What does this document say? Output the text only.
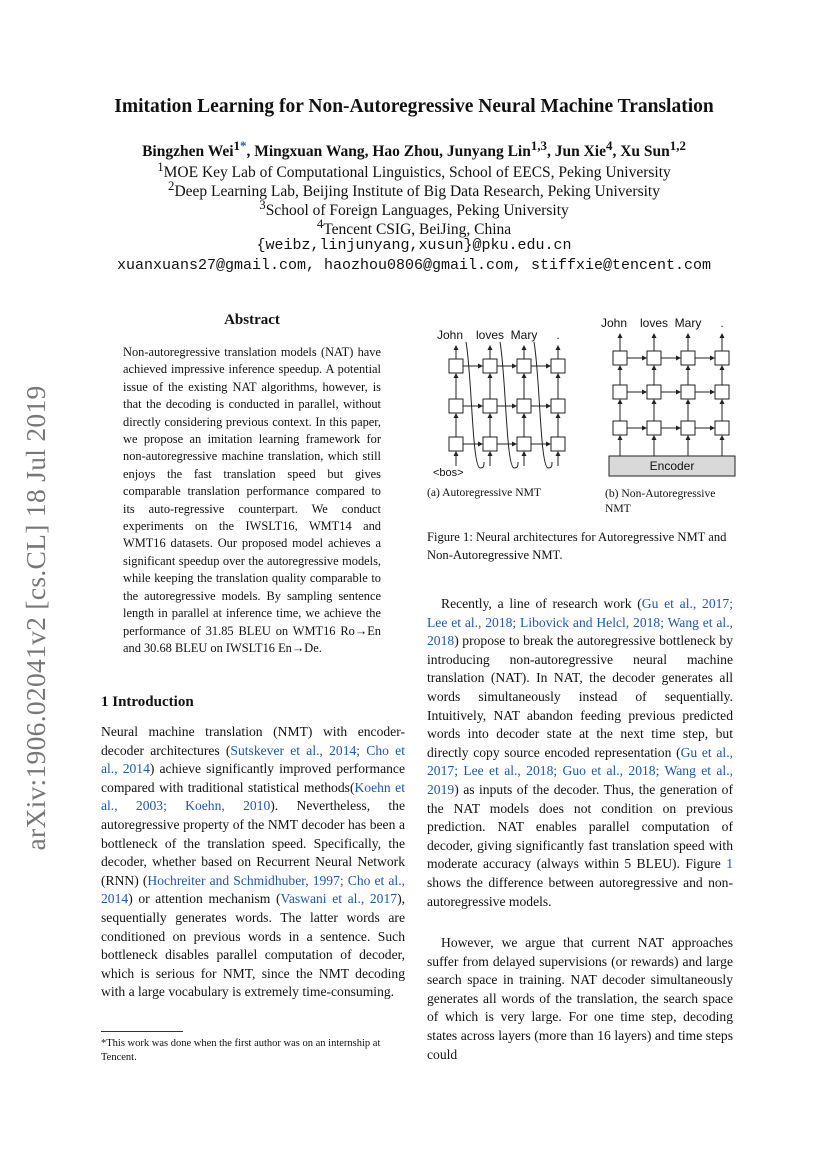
arXiv:1906.02041v2 [cs.CL] 18 Jul 2019
Imitation Learning for Non-Autoregressive Neural Machine Translation
Bingzhen Wei$^{1*}$, Mingxuan Wang, Hao Zhou, Junyang Lin$^{1,3}$, Jun Xie$^4$, Xu Sun$^{1,2}$
$^1$MOE Key Lab of Computational Linguistics, School of EECS, Peking University
$^2$Deep Learning Lab, Beijing Institute of Big Data Research, Peking University
$^3$School of Foreign Languages, Peking University
$^4$Tencent CSIG, BeiJing, China
{weibz,linjunyang,xusun}@pku.edu.cn
xuanxuans27@gmail.com, haozhou0806@gmail.com, stiffxie@tencent.com
Abstract
Non-autoregressive translation models (NAT) have achieved impressive inference speedup. A potential issue of the existing NAT algorithms, however, is that the decoding is conducted in parallel, without directly considering previous context. In this paper, we propose an imitation learning framework for non-autoregressive machine translation, which still enjoys the fast translation speed but gives comparable translation performance compared to its auto-regressive counterpart. We conduct experiments on the IWSLT16, WMT14 and WMT16 datasets. Our proposed model achieves a significant speedup over the autoregressive models, while keeping the translation quality comparable to the autoregressive models. By sampling sentence length in parallel at inference time, we achieve the performance of 31.85 BLEU on WMT16 Ro→En and 30.68 BLEU on IWSLT16 En→De.
1 Introduction
Neural machine translation (NMT) with encoder-decoder architectures (Sutskever et al., 2014; Cho et al., 2014) achieve significantly improved performance compared with traditional statistical methods(Koehn et al., 2003; Koehn, 2010). Nevertheless, the autoregressive property of the NMT decoder has been a bottleneck of the translation speed. Specifically, the decoder, whether based on Recurrent Neural Network (RNN) (Hochreiter and Schmidhuber, 1997; Cho et al., 2014) or attention mechanism (Vaswani et al., 2017), sequentially generates words. The latter words are conditioned on previous words in a sentence. Such bottleneck disables parallel computation of decoder, which is serious for NMT, since the NMT decoding with a large vocabulary is extremely time-consuming.
*This work was done when the first author was on an internship at Tencent.
John loves Mary .
<bos>
John loves Mary .
Encoder
(a) Autoregressive NMT	(b) Non-Autoregressive NMT
Figure 1: Neural architectures for Autoregressive NMT and Non-Autoregressive NMT.
Recently, a line of research work (Gu et al., 2017; Lee et al., 2018; Libovick and Helcl, 2018; Wang et al., 2018) propose to break the autoregressive bottleneck by introducing non-autoregressive neural machine translation (NAT). In NAT, the decoder generates all words simultaneously instead of sequentially. Intuitively, NAT abandon feeding previous predicted words into decoder state at the next time step, but directly copy source encoded representation (Gu et al., 2017; Lee et al., 2018; Guo et al., 2018; Wang et al., 2019) as inputs of the decoder. Thus, the generation of the NAT models does not condition on previous prediction. NAT enables parallel computation of decoder, giving significantly fast translation speed with moderate accuracy (always within 5 BLEU). Figure 1 shows the difference between autoregressive and non-autoregressive models.
However, we argue that current NAT approaches suffer from delayed supervisions (or rewards) and large search space in training. NAT decoder simultaneously generates all words of the translation, the search space of which is very large. For one time step, decoding states across layers (more than 16 layers) and time steps could
